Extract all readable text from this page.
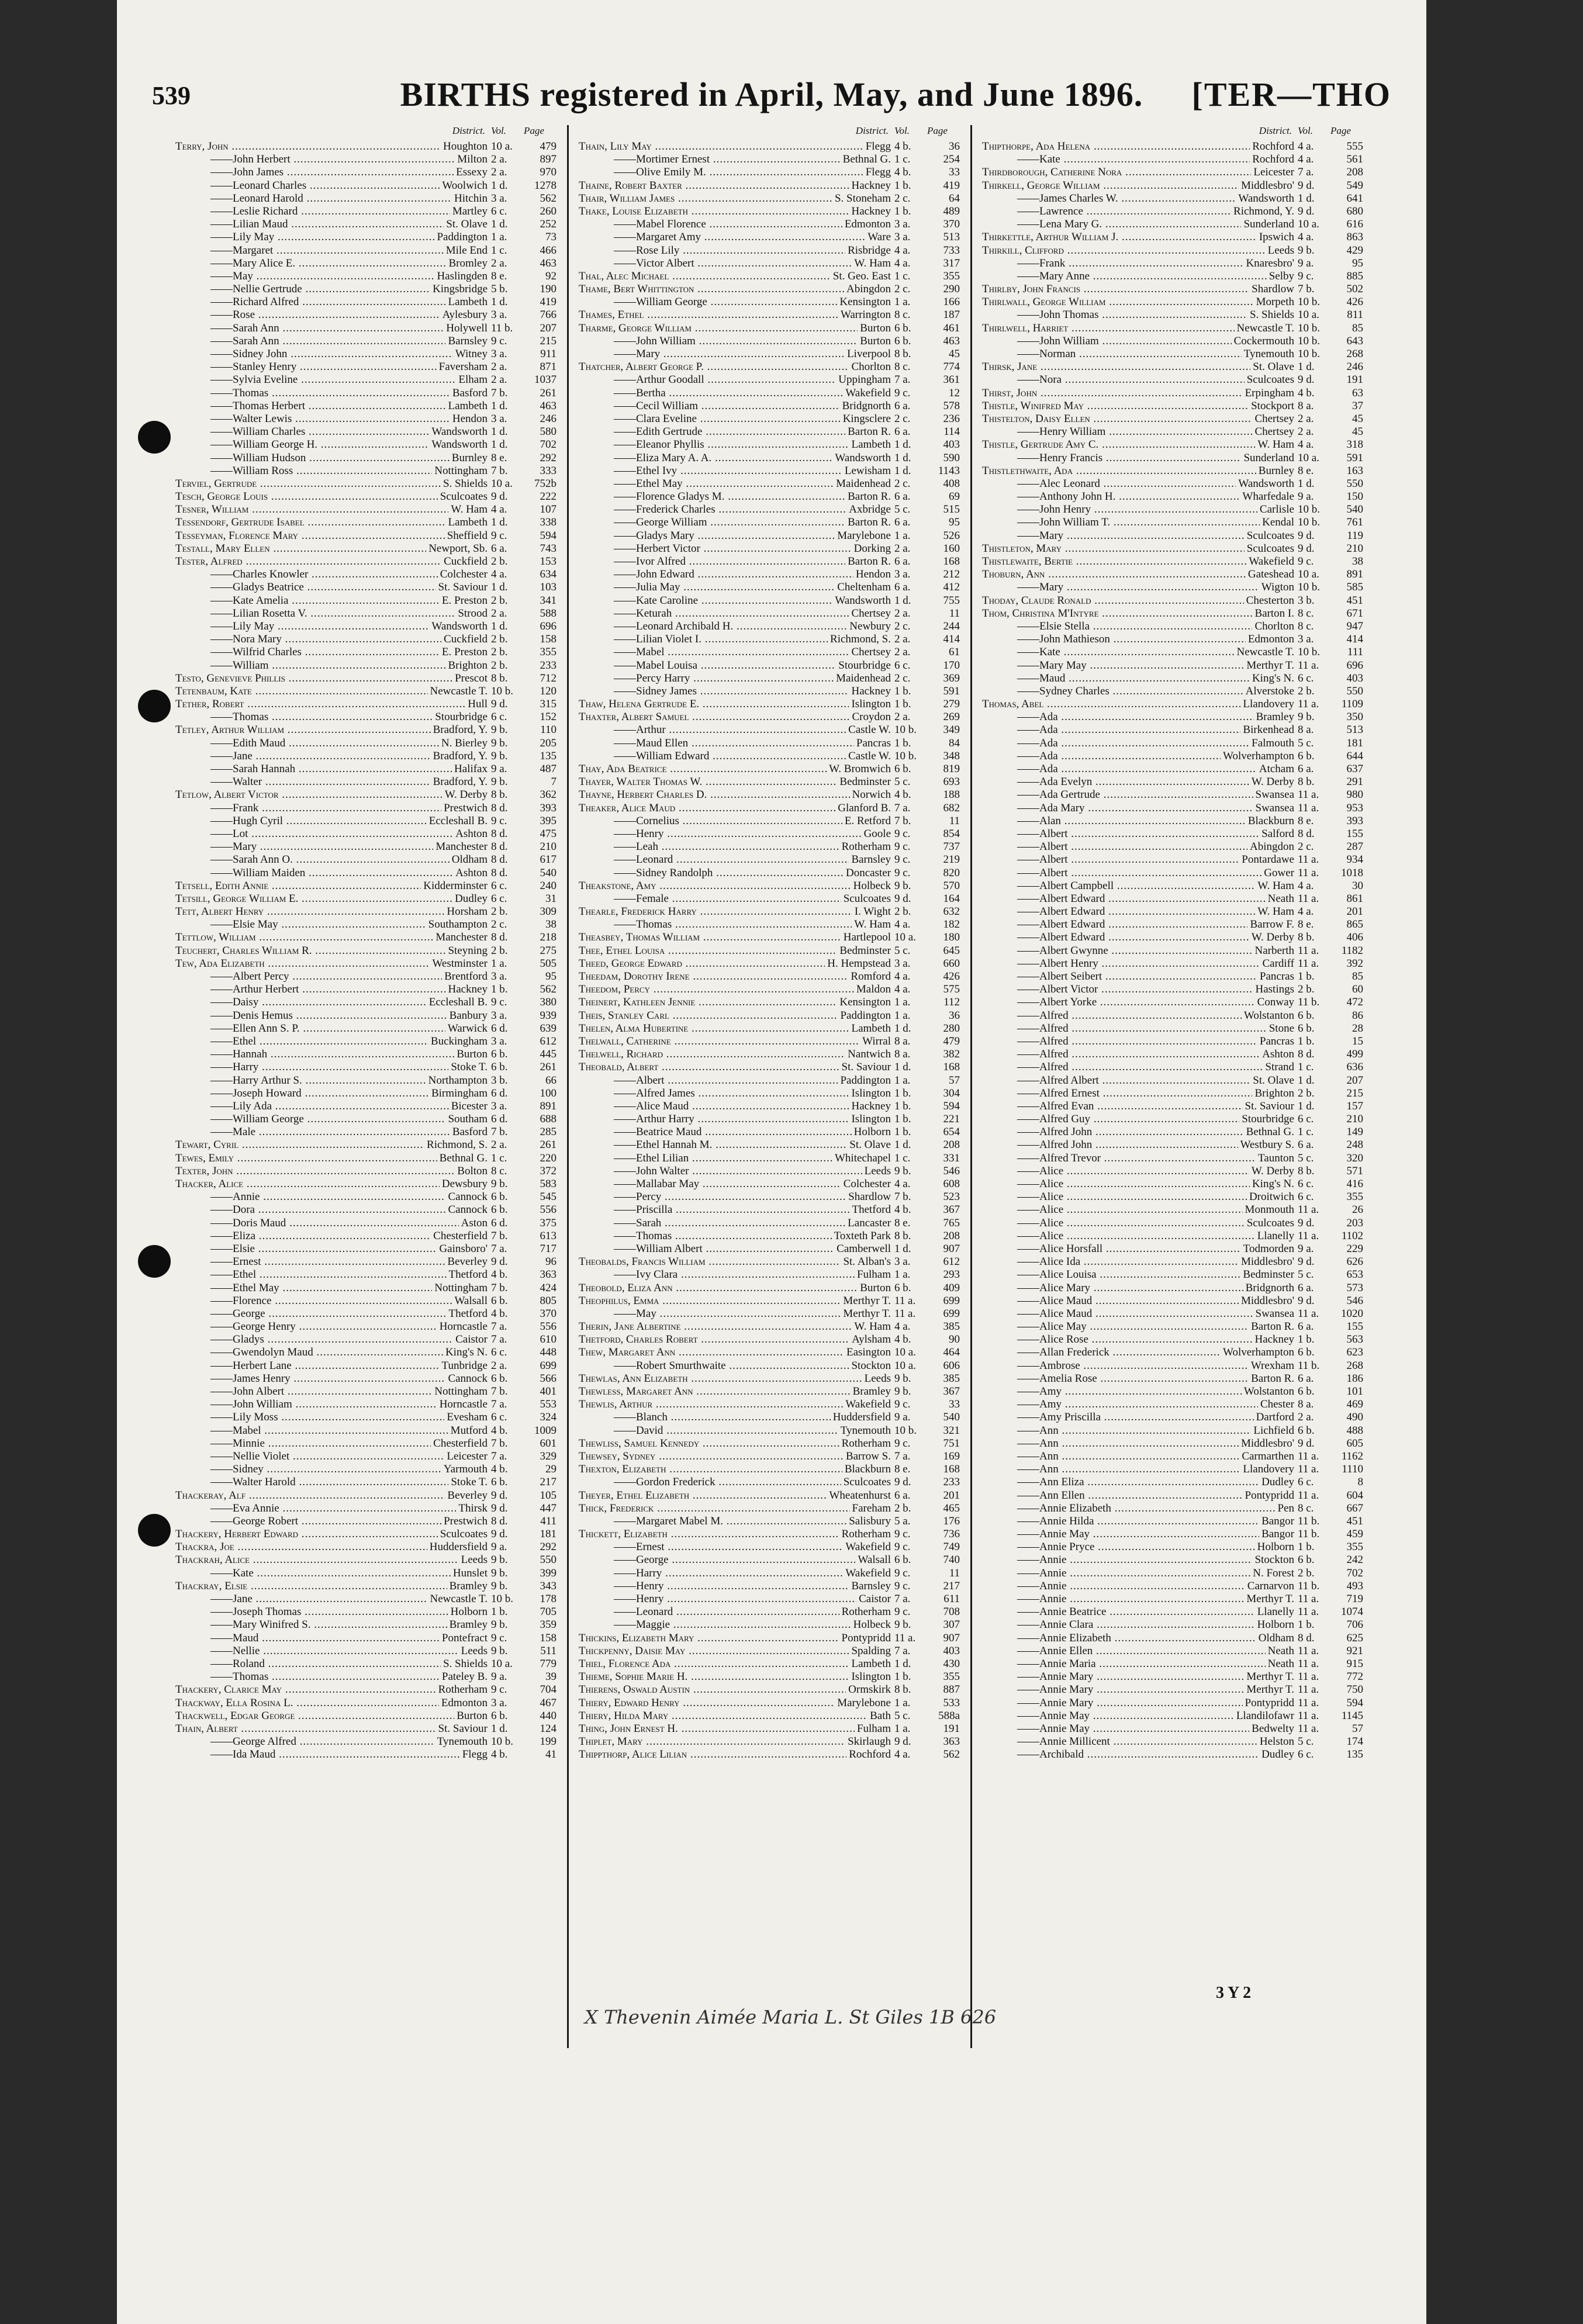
539	BIRTHS registered in April, May, and June 1896.	[TER—THO
District. Vol.	Page
Terry, John .....	Houghton 10 a.	479
—— John Herbert .....	Milton 2 a.	897
—— John James .....	Essexy 2 a.	970
—— Leonard Charles .....	Woolwich 1 d.	1278
—— Leonard Harold .....	Hitchin 3 a.	562
—— Leslie Richard .....	Martley 6 c.	260
—— Lilian Maud .....	St. Olave 1 d.	252
—— Lily May .....	Paddington 1 a.	73
—— Margaret .....	Mile End 1 c.	466
—— Mary Alice E. .....	Bromley 2 a.	463
—— May .....	Haslingden 8 e.	92
—— Nellie Gertrude .....	Kingsbridge 5 b.	190
—— Richard Alfred .....	Lambeth 1 d.	419
—— Rose .....	Aylesbury 3 a.	766
—— Sarah Ann .....	Holywell 11 b.	207
—— Sarah Ann .....	Barnsley 9 c.	215
—— Sidney John .....	Witney 3 a.	911
—— Stanley Henry .....	Faversham 2 a.	871
—— Sylvia Eveline .....	Elham 2 a.	1037
—— Thomas .....	Basford 7 b.	261
—— Thomas Herbert .....	Lambeth 1 d.	463
—— Walter Lewis .....	Hendon 3 a.	246
—— William Charles .....	Wandsworth 1 d.	580
—— William George H. .....	Wandsworth 1 d.	702
—— William Hudson .....	Burnley 8 e.	292
—— William Ross .....	Nottingham 7 b.	333
Terviel, Gertrude .....	S. Shields 10 a.	752b
Tesch, George Louis .....	Sculcoates 9 d.	222
Tesner, William .....	W. Ham 4 a.	107
Tessendorf, Gertrude Isabel .....	Lambeth 1 d.	338
Tesseyman, Florence Mary .....	Sheffield 9 c.	594
Testall, Mary Ellen .....	Newport, Sb. 6 a.	743
Tester, Alfred .....	Cuckfield 2 b.	153
—— Charles Knowler .....	Colchester 4 a.	634
—— Gladys Beatrice .....	St. Saviour 1 d.	103
—— Kate Amelia .....	E. Preston 2 b.	341
—— Lilian Rosetta V. .....	Strood 2 a.	588
—— Lily May .....	Wandsworth 1 d.	696
—— Nora Mary .....	Cuckfield 2 b.	158
—— Wilfrid Charles .....	E. Preston 2 b.	355
—— William .....	Brighton 2 b.	233
Testo, Genevieve Phillis .....	Prescot 8 b.	712
Tetenbaum, Kate .....	Newcastle T. 10 b.	120
Tether, Robert .....	Hull 9 d.	315
—— Thomas .....	Stourbridge 6 c.	152
Tetley, Arthur William .....	Bradford, Y. 9 b.	110
—— Edith Maud .....	N. Bierley 9 b.	205
—— Jane .....	Bradford, Y. 9 b.	135
—— Sarah Hannah .....	Halifax 9 a.	487
—— Walter .....	Bradford, Y. 9 b.	7
Tetlow, Albert Victor .....	W. Derby 8 b.	362
—— Frank .....	Prestwich 8 d.	393
—— Hugh Cyril .....	Eccleshall B. 9 c.	395
—— Lot .....	Ashton 8 d.	475
—— Mary .....	Manchester 8 d.	210
—— Sarah Ann O. .....	Oldham 8 d.	617
—— William Maiden .....	Ashton 8 d.	540
Tetsell, Edith Annie .....	Kidderminster 6 c.	240
Tetsill, George William E. .....	Dudley 6 c.	31
Tett, Albert Henry .....	Horsham 2 b.	309
—— Elsie May .....	Southampton 2 c.	38
Tettlow, William .....	Manchester 8 d.	218
Teuchert, Charles William R. .....	Steyning 2 b.	275
Tew, Ada Elizabeth .....	Westminster 1 a.	505
—— Albert Percy .....	Brentford 3 a.	95
—— Arthur Herbert .....	Hackney 1 b.	562
—— Daisy .....	Eccleshall B. 9 c.	380
—— Denis Hemus .....	Banbury 3 a.	939
—— Ellen Ann S. P. .....	Warwick 6 d.	639
—— Ethel .....	Buckingham 3 a.	612
—— Hannah .....	Burton 6 b.	445
—— Harry .....	Stoke T. 6 b.	261
—— Harry Arthur S. .....	Northampton 3 b.	66
—— Joseph Howard .....	Birmingham 6 d.	100
—— Lily Ada .....	Bicester 3 a.	891
—— William George .....	Southam 6 d.	688
—— Male .....	Basford 7 b.	285
Tewart, Cyril .....	Richmond, S. 2 a.	261
Tewes, Emily .....	Bethnal G. 1 c.	220
Texter, John .....	Bolton 8 c.	372
Thacker, Alice .....	Dewsbury 9 b.	583
—— Annie .....	Cannock 6 b.	545
—— Dora .....	Cannock 6 b.	556
—— Doris Maud .....	Aston 6 d.	375
—— Eliza .....	Chesterfield 7 b.	613
—— Elsie .....	Gainsboro' 7 a.	717
—— Ernest .....	Beverley 9 d.	96
—— Ethel .....	Thetford 4 b.	363
—— Ethel May .....	Nottingham 7 b.	424
—— Florence .....	Walsall 6 b.	805
—— George .....	Thetford 4 b.	370
—— George Henry .....	Horncastle 7 a.	556
—— Gladys .....	Caistor 7 a.	610
—— Gwendolyn Maud .....	King's N. 6 c.	448
—— Herbert Lane .....	Tunbridge 2 a.	699
—— James Henry .....	Cannock 6 b.	566
—— John Albert .....	Nottingham 7 b.	401
—— John William .....	Horncastle 7 a.	553
—— Lily Moss .....	Evesham 6 c.	324
—— Mabel .....	Mutford 4 b.	1009
—— Minnie .....	Chesterfield 7 b.	601
—— Nellie Violet .....	Leicester 7 a.	329
—— Sidney .....	Yarmouth 4 b.	29
—— Walter Harold .....	Stoke T. 6 b.	217
Thackeray, Alf .....	Beverley 9 d.	105
—— Eva Annie .....	Thirsk 9 d.	447
—— George Robert .....	Prestwich 8 d.	411
Thackery, Herbert Edward .....	Sculcoates 9 d.	181
Thackra, Joe .....	Huddersfield 9 a.	292
Thackrah, Alice .....	Leeds 9 b.	550
—— Kate .....	Hunslet 9 b.	399
Thackray, Elsie .....	Bramley 9 b.	343
—— Jane .....	Newcastle T. 10 b.	178
—— Joseph Thomas .....	Holborn 1 b.	705
—— Mary Winifred S. .....	Bramley 9 b.	359
—— Maud .....	Pontefract 9 c.	158
—— Nellie .....	Leeds 9 b.	511
—— Roland .....	S. Shields 10 a.	779
—— Thomas .....	Pateley B. 9 a.	39
Thackery, Clarice May .....	Rotherham 9 c.	704
Thackway, Ella Rosina L. .....	Edmonton 3 a.	467
Thackwell, Edgar George .....	Burton 6 b.	440
Thain, Albert .....	St. Saviour 1 d.	124
—— George Alfred .....	Tynemouth 10 b.	199
—— Ida Maud .....	Flegg 4 b.	41
District. Vol.	Page
Thain, Lily May .....	Flegg 4 b.	36
—— Mortimer Ernest .....	Bethnal G. 1 c.	254
—— Olive Emily M. .....	Flegg 4 b.	33
Thaine, Robert Baxter .....	Hackney 1 b.	419
Thair, William James .....	S. Stoneham 2 c.	64
Thake, Louise Elizabeth .....	Hackney 1 b.	489
—— Mabel Florence .....	Edmonton 3 a.	370
—— Margaret Amy .....	Ware 3 a.	513
—— Rose Lily .....	Risbridge 4 a.	733
—— Victor Albert .....	W. Ham 4 a.	317
Thal, Alec Michael .....	St. Geo. East 1 c.	355
Thame, Bert Whittington .....	Abingdon 2 c.	290
—— William George .....	Kensington 1 a.	166
Thames, Ethel .....	Warrington 8 c.	187
Tharme, George William .....	Burton 6 b.	461
—— John William .....	Burton 6 b.	463
—— Mary .....	Liverpool 8 b.	45
Thatcher, Albert George P. .....	Chorlton 8 c.	774
—— Arthur Goodall .....	Uppingham 7 a.	361
—— Bertha .....	Wakefield 9 c.	12
—— Cecil William .....	Bridgnorth 6 a.	578
—— Clara Eveline .....	Kingsclere 2 c.	236
—— Edith Gertrude .....	Barton R. 6 a.	114
—— Eleanor Phyllis .....	Lambeth 1 d.	403
—— Eliza Mary A. A. .....	Wandsworth 1 d.	590
—— Ethel Ivy .....	Lewisham 1 d.	1143
—— Ethel May .....	Maidenhead 2 c.	408
—— Florence Gladys M. .....	Barton R. 6 a.	69
—— Frederick Charles .....	Axbridge 5 c.	515
—— George William .....	Barton R. 6 a.	95
—— Gladys Mary .....	Marylebone 1 a.	526
—— Herbert Victor .....	Dorking 2 a.	160
—— Ivor Alfred .....	Barton R. 6 a.	168
—— John Edward .....	Hendon 3 a.	212
—— Julia May .....	Cheltenham 6 a.	412
—— Kate Caroline .....	Wandsworth 1 d.	755
—— Keturah .....	Chertsey 2 a.	11
—— Leonard Archibald H. .....	Newbury 2 c.	244
—— Lilian Violet I. .....	Richmond, S. 2 a.	414
—— Mabel .....	Chertsey 2 a.	61
—— Mabel Louisa .....	Stourbridge 6 c.	170
—— Percy Harry .....	Maidenhead 2 c.	369
—— Sidney James .....	Hackney 1 b.	591
Thaw, Helena Gertrude E. .....	Islington 1 b.	279
Thaxter, Albert Samuel .....	Croydon 2 a.	269
—— Arthur .....	Castle W. 10 b.	349
—— Maud Ellen .....	Pancras 1 b.	84
—— William Edward .....	Castle W. 10 b.	348
Thay, Ada Beatrice .....	W. Bromwich 6 b.	819
Thayer, Walter Thomas W. .....	Bedminster 5 c.	693
Thayne, Herbert Charles D. .....	Norwich 4 b.	188
Theaker, Alice Maud .....	Glanford B. 7 a.	682
—— Cornelius .....	E. Retford 7 b.	11
—— Henry .....	Goole 9 c.	854
—— Leah .....	Rotherham 9 c.	737
—— Leonard .....	Barnsley 9 c.	219
—— Sidney Randolph .....	Doncaster 9 c.	820
Theakstone, Amy .....	Holbeck 9 b.	570
—— Female .....	Sculcoates 9 d.	164
Thearle, Frederick Harry .....	I. Wight 2 b.	632
—— Thomas .....	W. Ham 4 a.	182
Theasbey, Thomas William .....	Hartlepool 10 a.	180
Thee, Ethel Louisa .....	Bedminster 5 c.	645
Theed, George Edward .....	H. Hempstead 3 a.	660
Theedam, Dorothy Irene .....	Romford 4 a.	426
Theedom, Percy .....	Maldon 4 a.	575
Theinert, Kathleen Jennie .....	Kensington 1 a.	112
Theis, Stanley Carl .....	Paddington 1 a.	36
Thelen, Alma Hubertine .....	Lambeth 1 d.	280
Thelwall, Catherine .....	Wirral 8 a.	479
Thelwell, Richard .....	Nantwich 8 a.	382
Theobald, Albert .....	St. Saviour 1 d.	168
—— Albert .....	Paddington 1 a.	57
—— Alfred James .....	Islington 1 b.	304
—— Alice Maud .....	Hackney 1 b.	594
—— Arthur Harry .....	Islington 1 b.	221
—— Beatrice Maud .....	Holborn 1 b.	654
—— Ethel Hannah M. .....	St. Olave 1 d.	208
—— Ethel Lilian .....	Whitechapel 1 c.	331
—— John Walter .....	Leeds 9 b.	546
—— Mallabar May .....	Colchester 4 a.	608
—— Percy .....	Shardlow 7 b.	523
—— Priscilla .....	Thetford 4 b.	367
—— Sarah .....	Lancaster 8 e.	765
—— Thomas .....	Toxteth Park 8 b.	208
—— William Albert .....	Camberwell 1 d.	907
Theobalds, Francis William .....	St. Alban's 3 a.	612
—— Ivy Clara .....	Fulham 1 a.	293
Theobold, Eliza Ann .....	Burton 6 b.	409
Theophilus, Emma .....	Merthyr T. 11 a.	699
—— May .....	Merthyr T. 11 a.	699
Therin, Jane Albertine .....	W. Ham 4 a.	385
Thetford, Charles Robert .....	Aylsham 4 b.	90
Thew, Margaret Ann .....	Easington 10 a.	464
—— Robert Smurthwaite .....	Stockton 10 a.	606
Thewlas, Ann Elizabeth .....	Leeds 9 b.	385
Thewless, Margaret Ann .....	Bramley 9 b.	367
Thewlis, Arthur .....	Wakefield 9 c.	33
—— Blanch .....	Huddersfield 9 a.	540
—— David .....	Tynemouth 10 b.	321
Thewliss, Samuel Kennedy .....	Rotherham 9 c.	751
Thewsey, Sydney .....	Barrow S. 7 a.	169
Thexton, Elizabeth .....	Blackburn 8 e.	168
—— Gordon Frederick .....	Sculcoates 9 d.	233
Theyer, Ethel Elizabeth .....	Wheatenhurst 6 a.	201
Thick, Frederick .....	Fareham 2 b.	465
—— Margaret Mabel M. .....	Salisbury 5 a.	176
Thickett, Elizabeth .....	Rotherham 9 c.	736
—— Ernest .....	Wakefield 9 c.	749
—— George .....	Walsall 6 b.	740
—— Harry .....	Wakefield 9 c.	11
—— Henry .....	Barnsley 9 c.	217
—— Henry .....	Caistor 7 a.	611
—— Leonard .....	Rotherham 9 c.	708
—— Maggie .....	Holbeck 9 b.	307
Thickins, Elizabeth Mary .....	Pontypridd 11 a.	907
Thickpenny, Daisie May .....	Spalding 7 a.	403
Thiel, Florence Ada .....	Lambeth 1 d.	430
Thieme, Sophie Marie H. .....	Islington 1 b.	355
Thierens, Oswald Austin .....	Ormskirk 8 b.	887
Thiery, Edward Henry .....	Marylebone 1 a.	533
Thiery, Hilda Mary .....	Bath 5 c.	588a
Thing, John Ernest H. .....	Fulham 1 a.	191
Thiplet, Mary .....	Skirlaugh 9 d.	363
Thippthorp, Alice Lilian .....	Rochford 4 a.	562
District. Vol.	Page
Thipthorpe, Ada Helena .....	Rochford 4 a.	555
—— Kate .....	Rochford 4 a.	561
Thirdborough, Catherine Nora .....	Leicester 7 a.	208
Thirkell, George William .....	Middlesbro' 9 d.	549
—— James Charles W. .....	Wandsworth 1 d.	641
—— Lawrence .....	Richmond, Y. 9 d.	680
—— Lena Mary G. .....	Sunderland 10 a.	616
Thirkettle, Arthur William J. .....	Ipswich 4 a.	863
Thirkill, Clifford .....	Leeds 9 b.	429
—— Frank .....	Knaresbro' 9 a.	95
—— Mary Anne .....	Selby 9 c.	885
Thirlby, John Francis .....	Shardlow 7 b.	502
Thirlwall, George William .....	Morpeth 10 b.	426
—— John Thomas .....	S. Shields 10 a.	811
Thirlwell, Harriet .....	Newcastle T. 10 b.	85
—— John William .....	Cockermouth 10 b.	643
—— Norman .....	Tynemouth 10 b.	268
Thirsk, Jane .....	St. Olave 1 d.	246
—— Nora .....	Sculcoates 9 d.	191
Thirst, John .....	Erpingham 4 b.	63
Thistle, Winifred May .....	Stockport 8 a.	37
Thistelton, Daisy Ellen .....	Chertsey 2 a.	45
—— Henry William .....	Chertsey 2 a.	45
Thistle, Gertrude Amy C. .....	W. Ham 4 a.	318
—— Henry Francis .....	Sunderland 10 a.	591
Thistlethwaite, Ada .....	Burnley 8 e.	163
—— Alec Leonard .....	Wandsworth 1 d.	550
—— Anthony John H. .....	Wharfedale 9 a.	150
—— John Henry .....	Carlisle 10 b.	540
—— John William T. .....	Kendal 10 b.	761
—— Mary .....	Sculcoates 9 d.	119
Thistleton, Mary .....	Sculcoates 9 d.	210
Thistlewaite, Bertie .....	Wakefield 9 c.	38
Thoburn, Ann .....	Gateshead 10 a.	891
—— Mary .....	Wigton 10 b.	585
Thoday, Claude Ronald .....	Chesterton 3 b.	451
Thom, Christina M'Intyre .....	Barton I. 8 c.	671
—— Elsie Stella .....	Chorlton 8 c.	947
—— John Mathieson .....	Edmonton 3 a.	414
—— Kate .....	Newcastle T. 10 b.	111
—— Mary May .....	Merthyr T. 11 a.	696
—— Maud .....	King's N. 6 c.	403
—— Sydney Charles .....	Alverstoke 2 b.	550
Thomas, Abel .....	Llandovery 11 a.	1109
—— Ada .....	Bramley 9 b.	350
—— Ada .....	Birkenhead 8 a.	513
—— Ada .....	Falmouth 5 c.	181
—— Ada .....	Wolverhampton 6 b.	644
—— Ada .....	Atcham 6 a.	637
—— Ada Evelyn .....	W. Derby 8 b.	291
—— Ada Gertrude .....	Swansea 11 a.	980
—— Ada Mary .....	Swansea 11 a.	953
—— Alan .....	Blackburn 8 e.	393
—— Albert .....	Salford 8 d.	155
—— Albert .....	Abingdon 2 c.	287
—— Albert .....	Pontardawe 11 a.	934
—— Albert .....	Gower 11 a.	1018
—— Albert Campbell .....	W. Ham 4 a.	30
—— Albert Edward .....	Neath 11 a.	861
—— Albert Edward .....	W. Ham 4 a.	201
—— Albert Edward .....	Barrow F. 8 e.	865
—— Albert Edward .....	W. Derby 8 b.	406
—— Albert Gwynne .....	Narberth 11 a.	1182
—— Albert Henry .....	Cardiff 11 a.	392
—— Albert Seibert .....	Pancras 1 b.	85
—— Albert Victor .....	Hastings 2 b.	60
—— Albert Yorke .....	Conway 11 b.	472
—— Alfred .....	Wolstanton 6 b.	86
—— Alfred .....	Stone 6 b.	28
—— Alfred .....	Pancras 1 b.	15
—— Alfred .....	Ashton 8 d.	499
—— Alfred .....	Strand 1 c.	636
—— Alfred Albert .....	St. Olave 1 d.	207
—— Alfred Ernest .....	Brighton 2 b.	215
—— Alfred Evan .....	St. Saviour 1 d.	157
—— Alfred Guy .....	Stourbridge 6 c.	210
—— Alfred John .....	Bethnal G. 1 c.	149
—— Alfred John .....	Westbury S. 6 a.	248
—— Alfred Trevor .....	Taunton 5 c.	320
—— Alice .....	W. Derby 8 b.	571
—— Alice .....	King's N. 6 c.	416
—— Alice .....	Droitwich 6 c.	355
—— Alice .....	Monmouth 11 a.	26
—— Alice .....	Sculcoates 9 d.	203
—— Alice .....	Llanelly 11 a.	1102
—— Alice Horsfall .....	Todmorden 9 a.	229
—— Alice Ida .....	Middlesbro' 9 d.	626
—— Alice Louisa .....	Bedminster 5 c.	653
—— Alice Mary .....	Bridgnorth 6 a.	573
—— Alice Maud .....	Middlesbro' 9 d.	546
—— Alice Maud .....	Swansea 11 a.	1020
—— Alice May .....	Barton R. 6 a.	155
—— Alice Rose .....	Hackney 1 b.	563
—— Allan Frederick .....	Wolverhampton 6 b.	623
—— Ambrose .....	Wrexham 11 b.	268
—— Amelia Rose .....	Barton R. 6 a.	186
—— Amy .....	Wolstanton 6 b.	101
—— Amy .....	Chester 8 a.	469
—— Amy Priscilla .....	Dartford 2 a.	490
—— Ann .....	Lichfield 6 b.	488
—— Ann .....	Middlesbro' 9 d.	605
—— Ann .....	Carmarthen 11 a.	1162
—— Ann .....	Llandovery 11 a.	1110
—— Ann Eliza .....	Dudley 6 c.	8
—— Ann Ellen .....	Pontypridd 11 a.	604
—— Annie Elizabeth .....	Pen 8 c.	667
—— Annie Hilda .....	Bangor 11 b.	451
—— Annie May .....	Bangor 11 b.	459
—— Annie Pryce .....	Holborn 1 b.	355
—— Annie .....	Stockton 6 b.	242
—— Annie .....	N. Forest 2 b.	702
—— Annie .....	Carnarvon 11 b.	493
—— Annie .....	Merthyr T. 11 a.	719
—— Annie Beatrice .....	Llanelly 11 a.	1074
—— Annie Clara .....	Holborn 1 b.	706
—— Annie Elizabeth .....	Oldham 8 d.	625
—— Annie Ellen .....	Neath 11 a.	921
—— Annie Maria .....	Neath 11 a.	915
—— Annie Mary .....	Merthyr T. 11 a.	772
—— Annie Mary .....	Merthyr T. 11 a.	750
—— Annie Mary .....	Pontypridd 11 a.	594
—— Annie May .....	Llandilofawr 11 a.	1145
—— Annie May .....	Bedwelty 11 a.	57
—— Annie Millicent .....	Helston 5 c.	174
—— Archibald .....	Dudley 6 c.	135
3 Y 2
X Thevenin Aimée Maria L. St Giles 1B 626
